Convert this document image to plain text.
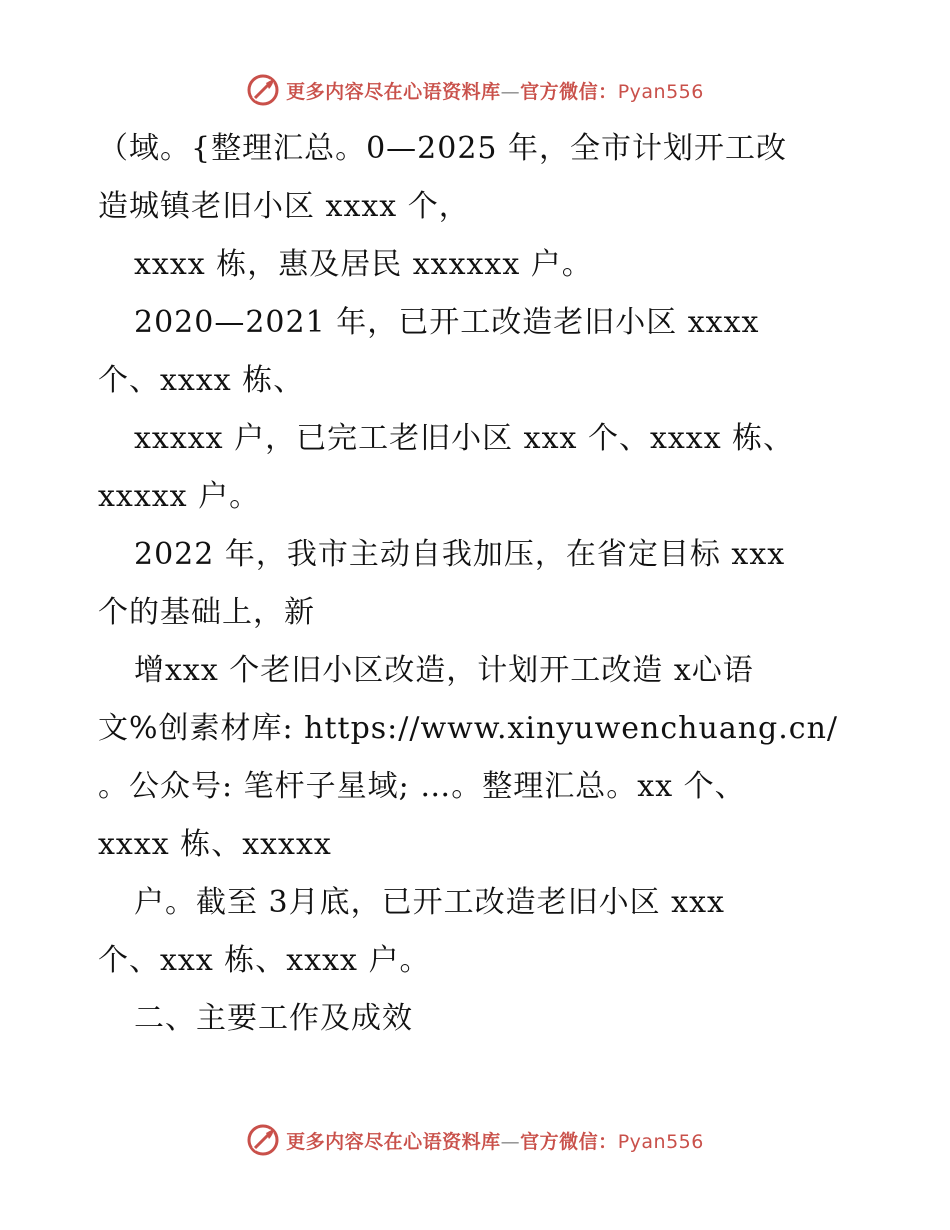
更多内容尽在心语资料库—官方微信：Pyan556
（域。{整理汇总。0—2025 年，全市计划开工改
造城镇老旧小区 xxxx 个，
xxxx 栋，惠及居民 xxxxxx 户。
2020—2021 年，已开工改造老旧小区 xxxx
个、xxxx 栋、
xxxxx 户，已完工老旧小区 xxx 个、xxxx 栋、
xxxxx 户。
2022 年，我市主动自我加压，在省定目标 xxx
个的基础上，新
增xxx 个老旧小区改造，计划开工改造 x心语
文%创素材库: https://www.xinyuwenchuang.cn/
。公众号: 笔杆子星域; …。整理汇总。xx 个、
xxxx 栋、xxxxx
户。截至 3月底，已开工改造老旧小区 xxx
个、xxx 栋、xxxx 户。
二、主要工作及成效
更多内容尽在心语资料库—官方微信：Pyan556
